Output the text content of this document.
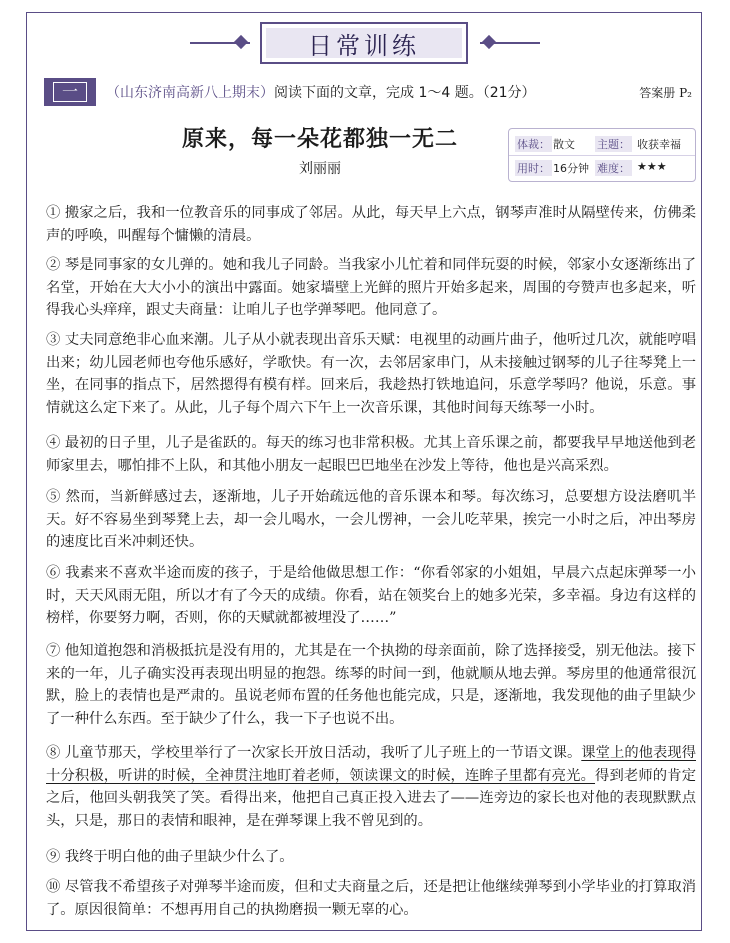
日常训练
一	（山东济南高新八上期末）阅读下面的文章，完成 1～4 题。（21分）	答案册 P₂
原来，每一朵花都独一无二
刘丽丽
体裁： 散文 主题： 收获幸福
用时： 16分钟 难度： ★★★
① 搬家之后，我和一位教音乐的同事成了邻居。从此，每天早上六点，钢琴声准时从隔壁传来，仿佛柔声的呼唤，叫醒每个慵懒的清晨。
② 琴是同事家的女儿弹的。她和我儿子同龄。当我家小儿忙着和同伴玩耍的时候，邻家小女逐渐练出了名堂，开始在大大小小的演出中露面。她家墙壁上光鲜的照片开始多起来，周围的夸赞声也多起来，听得我心头痒痒，跟丈夫商量：让咱儿子也学弹琴吧。他同意了。
③ 丈夫同意绝非心血来潮。儿子从小就表现出音乐天赋：电视里的动画片曲子，他听过几次，就能哼唱出来；幼儿园老师也夸他乐感好，学歌快。有一次，去邻居家串门，从未接触过钢琴的儿子往琴凳上一坐，在同事的指点下，居然摁得有模有样。回来后，我趁热打铁地追问，乐意学琴吗？他说，乐意。事情就这么定下来了。从此，儿子每个周六下午上一次音乐课，其他时间每天练琴一小时。
④ 最初的日子里，儿子是雀跃的。每天的练习也非常积极。尤其上音乐课之前，都要我早早地送他到老师家里去，哪怕排不上队，和其他小朋友一起眼巴巴地坐在沙发上等待，他也是兴高采烈。
⑤ 然而，当新鲜感过去，逐渐地，儿子开始疏远他的音乐课本和琴。每次练习，总要想方设法磨叽半天。好不容易坐到琴凳上去，却一会儿喝水，一会儿愣神，一会儿吃苹果，挨完一小时之后，冲出琴房的速度比百米冲刺还快。
⑥ 我素来不喜欢半途而废的孩子，于是给他做思想工作：“你看邻家的小姐姐，早晨六点起床弹琴一小时，天天风雨无阻，所以才有了今天的成绩。你看，站在领奖台上的她多光荣，多幸福。身边有这样的榜样，你要努力啊，否则，你的天赋就都被埋没了……”
⑦ 他知道抱怨和消极抵抗是没有用的，尤其是在一个执拗的母亲面前，除了选择接受，别无他法。接下来的一年，儿子确实没再表现出明显的抱怨。练琴的时间一到，他就顺从地去弹。琴房里的他通常很沉默，脸上的表情也是严肃的。虽说老师布置的任务他也能完成，只是，逐渐地，我发现他的曲子里缺少了一种什么东西。至于缺少了什么，我一下子也说不出。
⑧ 儿童节那天，学校里举行了一次家长开放日活动，我听了儿子班上的一节语文课。课堂上的他表现得十分积极，听讲的时候，全神贯注地盯着老师，领读课文的时候，连眸子里都有亮光。得到老师的肯定之后，他回头朝我笑了笑。看得出来，他把自己真正投入进去了——连旁边的家长也对他的表现默默点头，只是，那日的表情和眼神，是在弹琴课上我不曾见到的。
⑨ 我终于明白他的曲子里缺少什么了。
⑩ 尽管我不希望孩子对弹琴半途而废，但和丈夫商量之后，还是把让他继续弹琴到小学毕业的打算取消了。原因很简单：不想再用自己的执拗磨损一颗无辜的心。
